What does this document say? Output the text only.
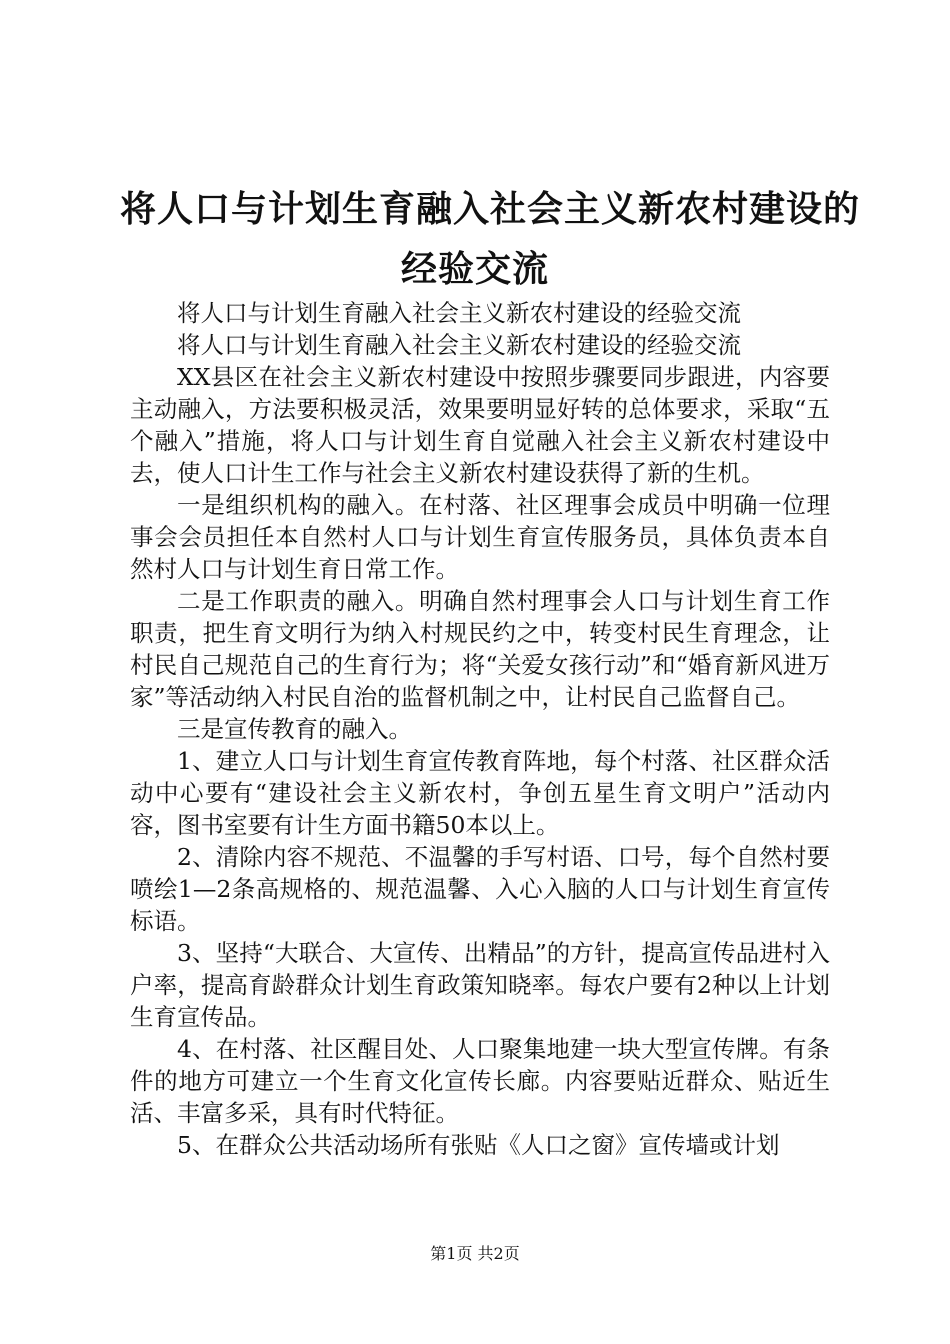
将人口与计划生育融入社会主义新农村建设的
经验交流

将人口与计划生育融入社会主义新农村建设的经验交流

将人口与计划生育融入社会主义新农村建设的经验交流

XX县区在社会主义新农村建设中按照步骤要同步跟进，内容要主动融入，方法要积极灵活，效果要明显好转的总体要求，采取“五个融入”措施，将人口与计划生育自觉融入社会主义新农村建设中去，使人口计生工作与社会主义新农村建设获得了新的生机。

一是组织机构的融入。在村落、社区理事会成员中明确一位理事会会员担任本自然村人口与计划生育宣传服务员，具体负责本自然村人口与计划生育日常工作。

二是工作职责的融入。明确自然村理事会人口与计划生育工作职责，把生育文明行为纳入村规民约之中，转变村民生育理念，让村民自己规范自己的生育行为；将“关爱女孩行动”和“婚育新风进万家”等活动纳入村民自治的监督机制之中，让村民自己监督自己。

三是宣传教育的融入。

1、建立人口与计划生育宣传教育阵地，每个村落、社区群众活动中心要有“建设社会主义新农村，争创五星生育文明户”活动内容，图书室要有计生方面书籍50本以上。

2、清除内容不规范、不温馨的手写村语、口号，每个自然村要喷绘1—2条高规格的、规范温馨、入心入脑的人口与计划生育宣传标语。

3、坚持“大联合、大宣传、出精品”的方针，提高宣传品进村入户率，提高育龄群众计划生育政策知晓率。每农户要有2种以上计划生育宣传品。

4、在村落、社区醒目处、人口聚集地建一块大型宣传牌。有条件的地方可建立一个生育文化宣传长廊。内容要贴近群众、贴近生活、丰富多采，具有时代特征。

5、在群众公共活动场所有张贴《人口之窗》宣传墙或计划

第1页 共2页
